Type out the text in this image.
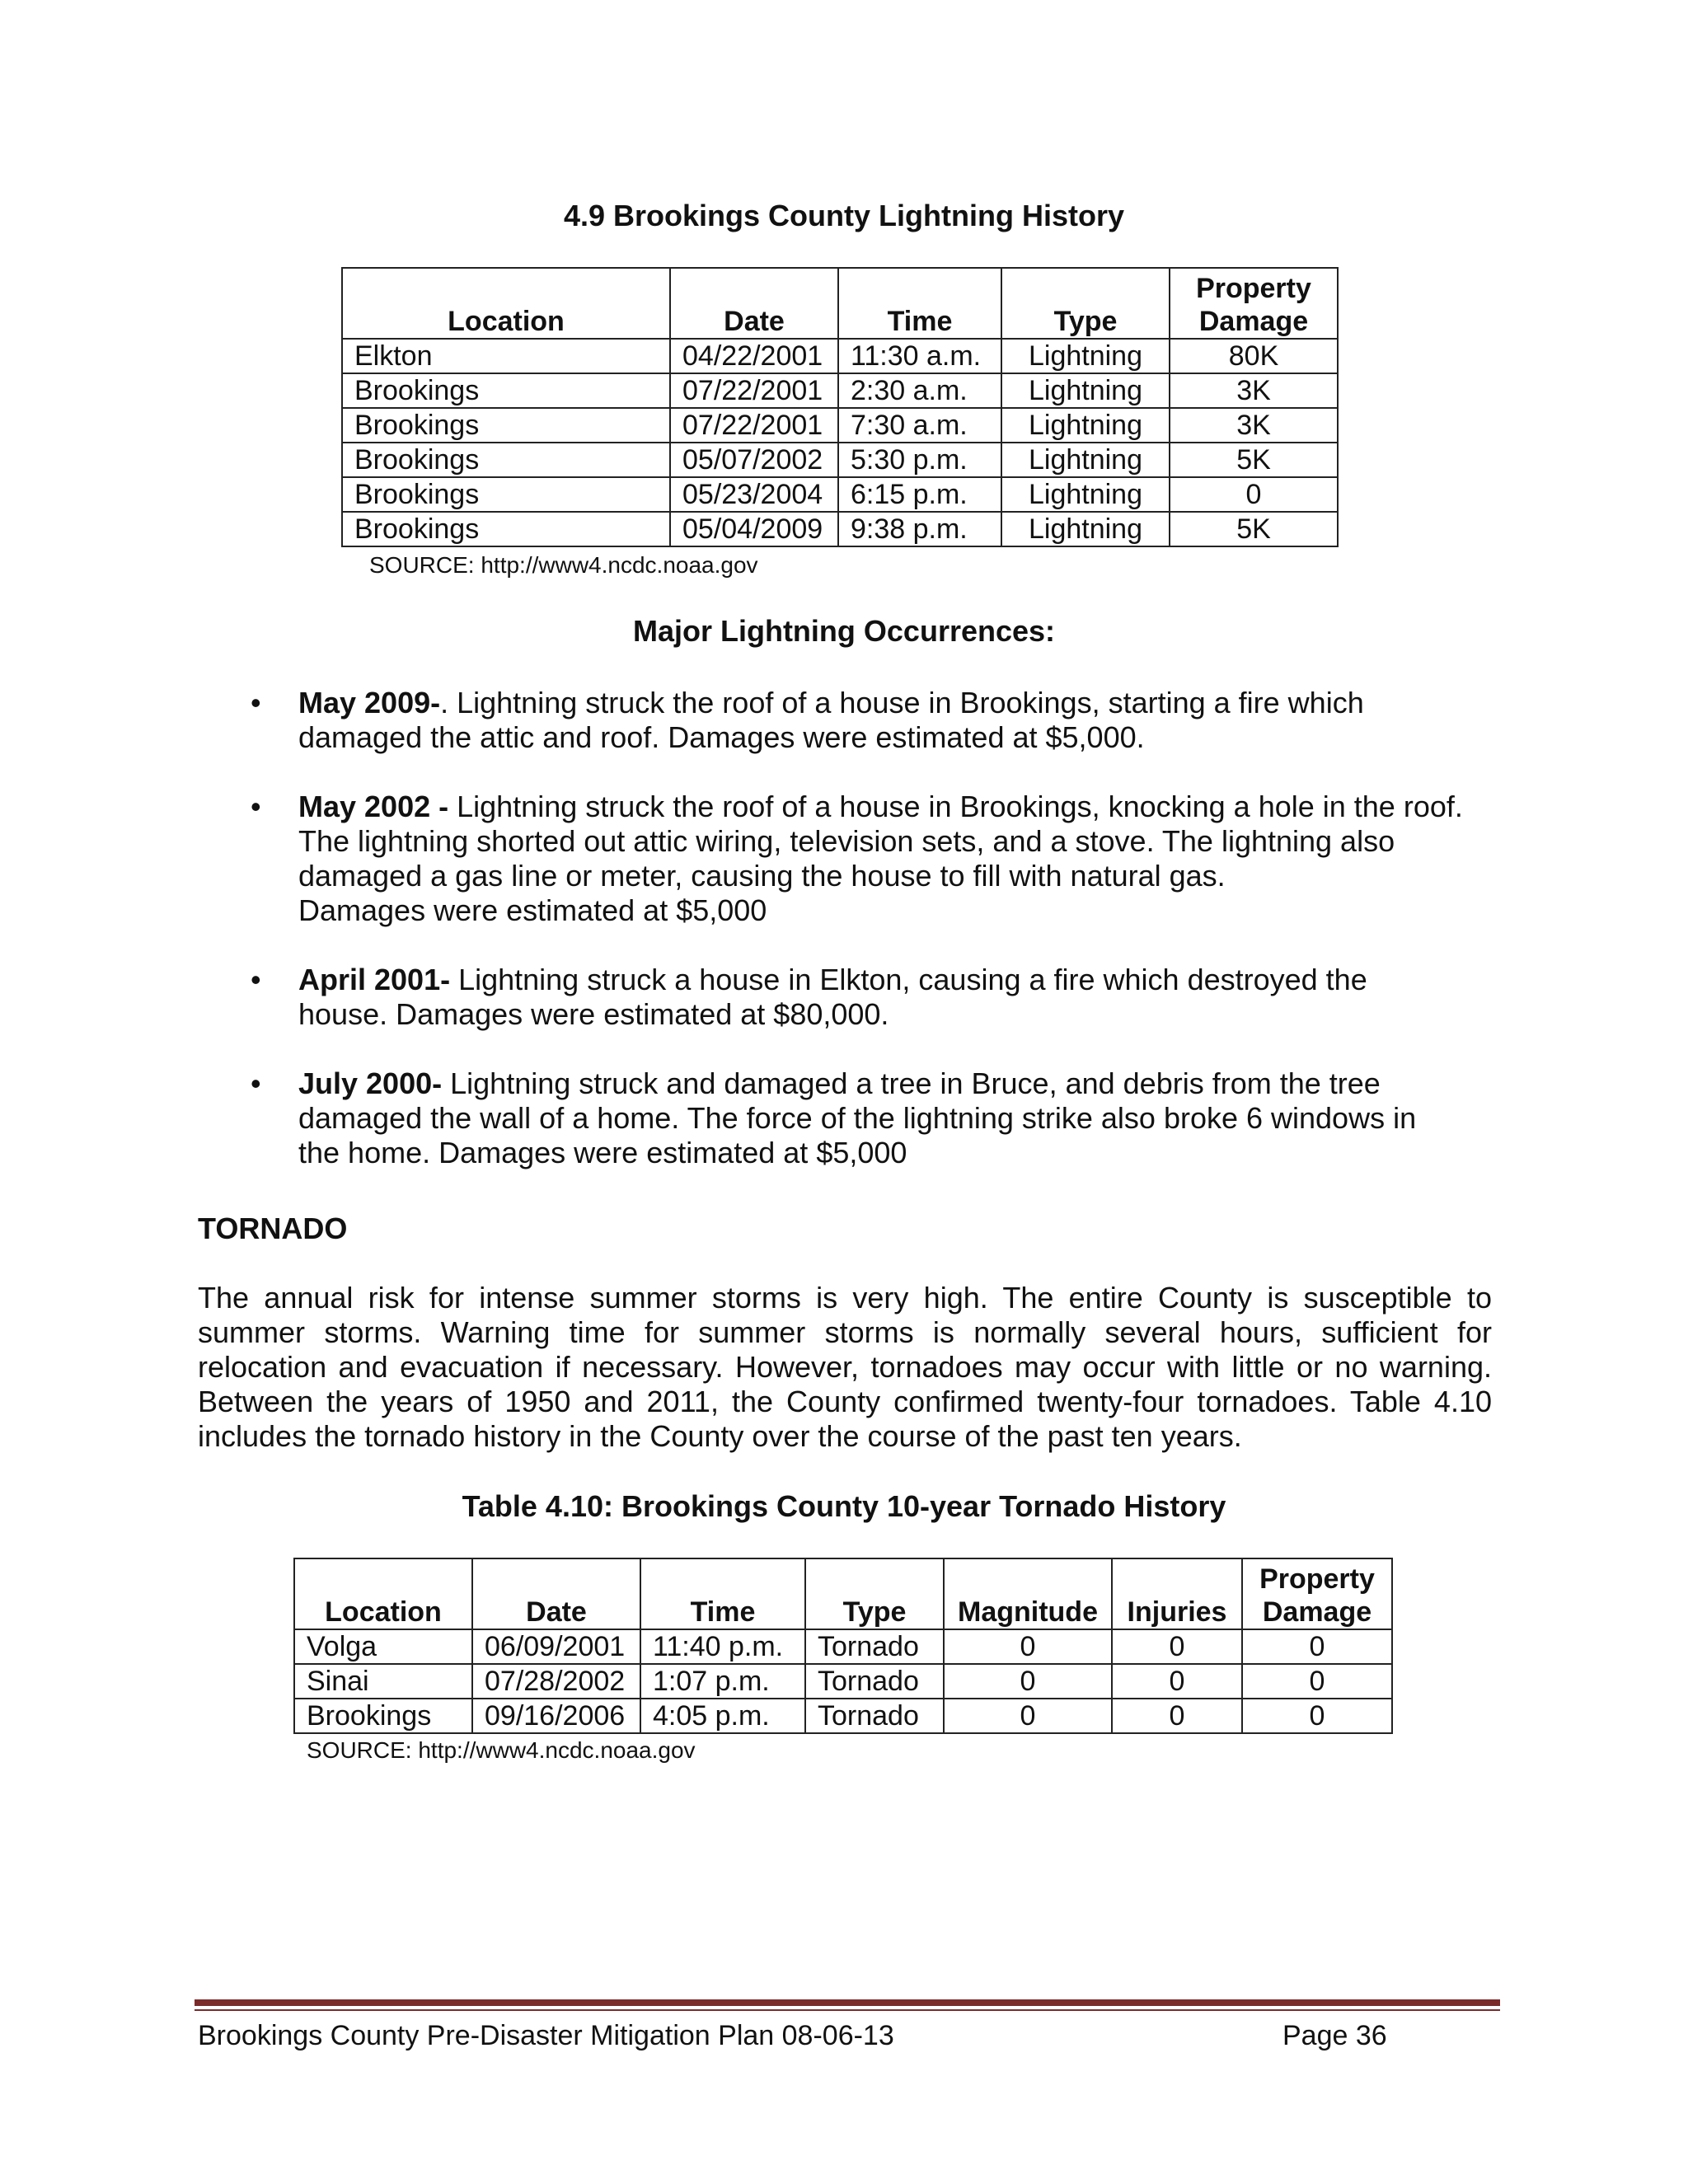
4.9 Brookings County Lightning History
Location	Date	Time	Type	Property Damage
Elkton	04/22/2001	11:30 a.m.	Lightning	80K
Brookings	07/22/2001	2:30 a.m.	Lightning	3K
Brookings	07/22/2001	7:30 a.m.	Lightning	3K
Brookings	05/07/2002	5:30 p.m.	Lightning	5K
Brookings	05/23/2004	6:15 p.m.	Lightning	0
Brookings	05/04/2009	9:38 p.m.	Lightning	5K
SOURCE: http://www4.ncdc.noaa.gov
Major Lightning Occurrences:
• May 2009-. Lightning struck the roof of a house in Brookings, starting a fire which
damaged the attic and roof. Damages were estimated at $5,000.
• May 2002 - Lightning struck the roof of a house in Brookings, knocking a hole in the roof.
The lightning shorted out attic wiring, television sets, and a stove. The lightning also
damaged a gas line or meter, causing the house to fill with natural gas.
Damages were estimated at $5,000
• April 2001- Lightning struck a house in Elkton, causing a fire which destroyed the
house. Damages were estimated at $80,000.
• July 2000- Lightning struck and damaged a tree in Bruce, and debris from the tree
damaged the wall of a home. The force of the lightning strike also broke 6 windows in
the home. Damages were estimated at $5,000
TORNADO
The annual risk for intense summer storms is very high. The entire County is susceptible to
summer storms. Warning time for summer storms is normally several hours, sufficient for
relocation and evacuation if necessary. However, tornadoes may occur with little or no warning.
Between the years of 1950 and 2011, the County confirmed twenty-four tornadoes. Table 4.10
includes the tornado history in the County over the course of the past ten years.
Table 4.10: Brookings County 10-year Tornado History
Location	Date	Time	Type	Magnitude	Injuries	Property Damage
Volga	06/09/2001	11:40 p.m.	Tornado	0	0	0
Sinai	07/28/2002	1:07 p.m.	Tornado	0	0	0
Brookings	09/16/2006	4:05 p.m.	Tornado	0	0	0
SOURCE: http://www4.ncdc.noaa.gov
Brookings County Pre-Disaster Mitigation Plan 08-06-13	Page 36
